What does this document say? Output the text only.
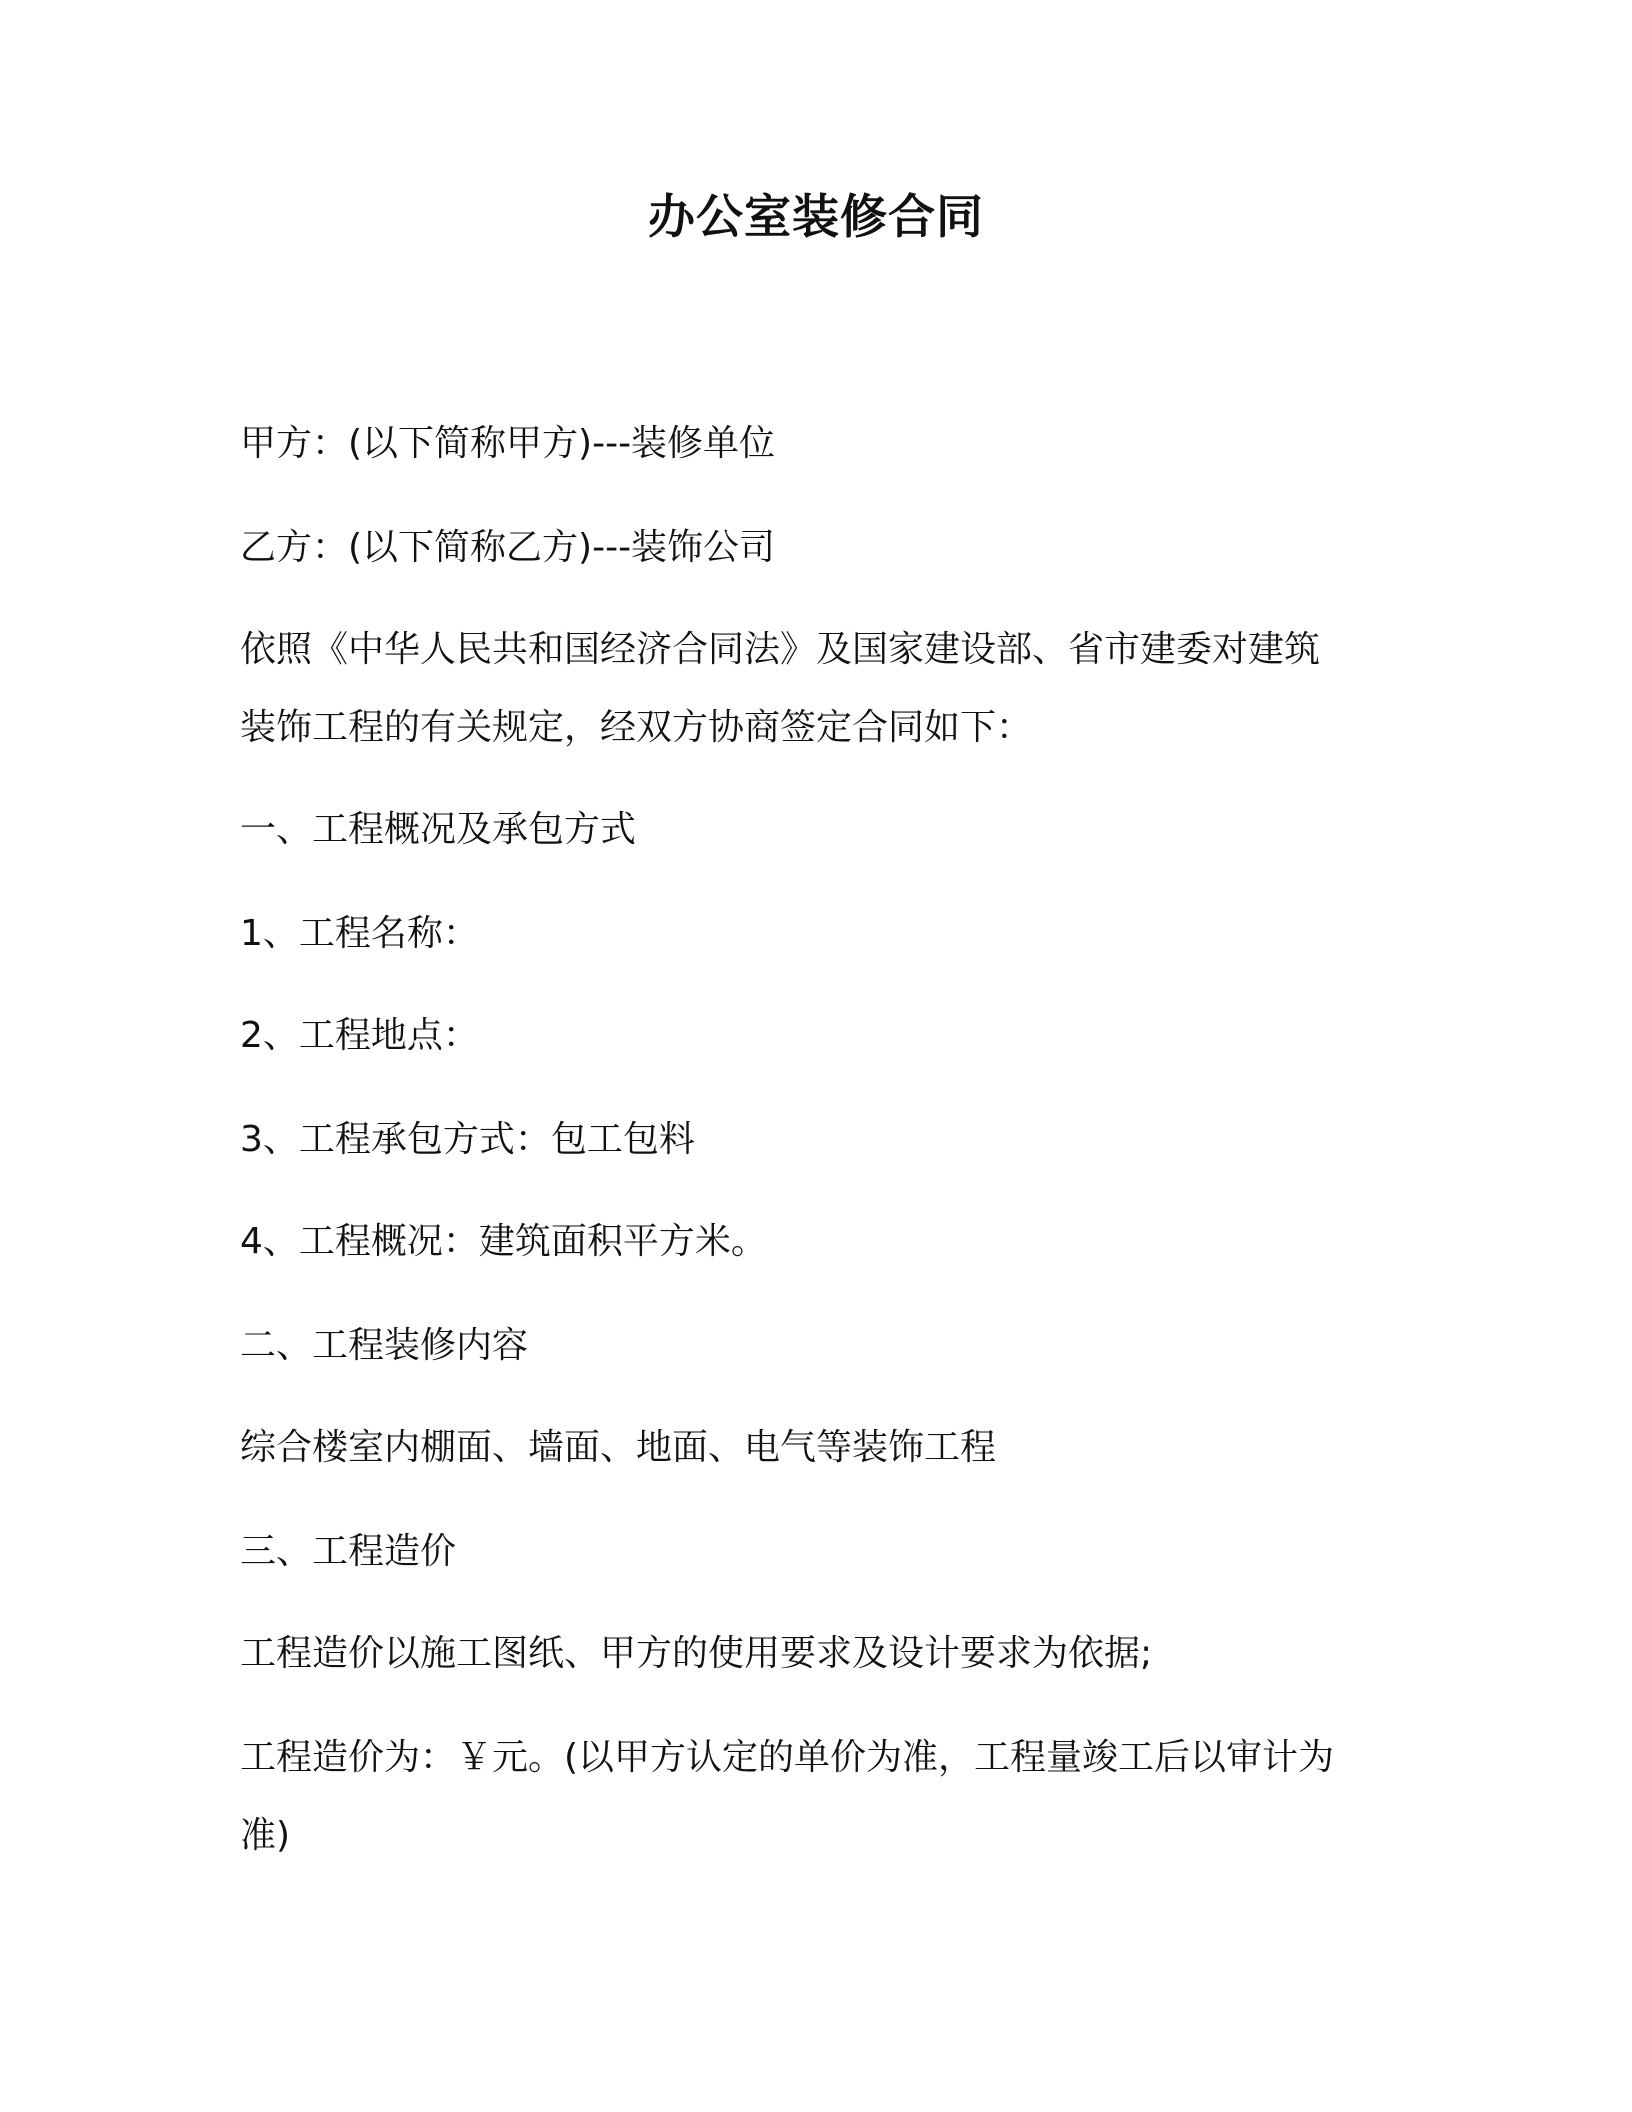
办公室装修合同
甲方：(以下简称甲方)---装修单位
乙方：(以下简称乙方)---装饰公司
依照《中华人民共和国经济合同法》及国家建设部、省市建委对建筑
装饰工程的有关规定，经双方协商签定合同如下：
一、工程概况及承包方式
1、工程名称：
2、工程地点：
3、工程承包方式：包工包料
4、工程概况：建筑面积平方米。
二、工程装修内容
综合楼室内棚面、墙面、地面、电气等装饰工程
三、工程造价
工程造价以施工图纸、甲方的使用要求及设计要求为依据;
工程造价为：￥元。(以甲方认定的单价为准，工程量竣工后以审计为
准)
